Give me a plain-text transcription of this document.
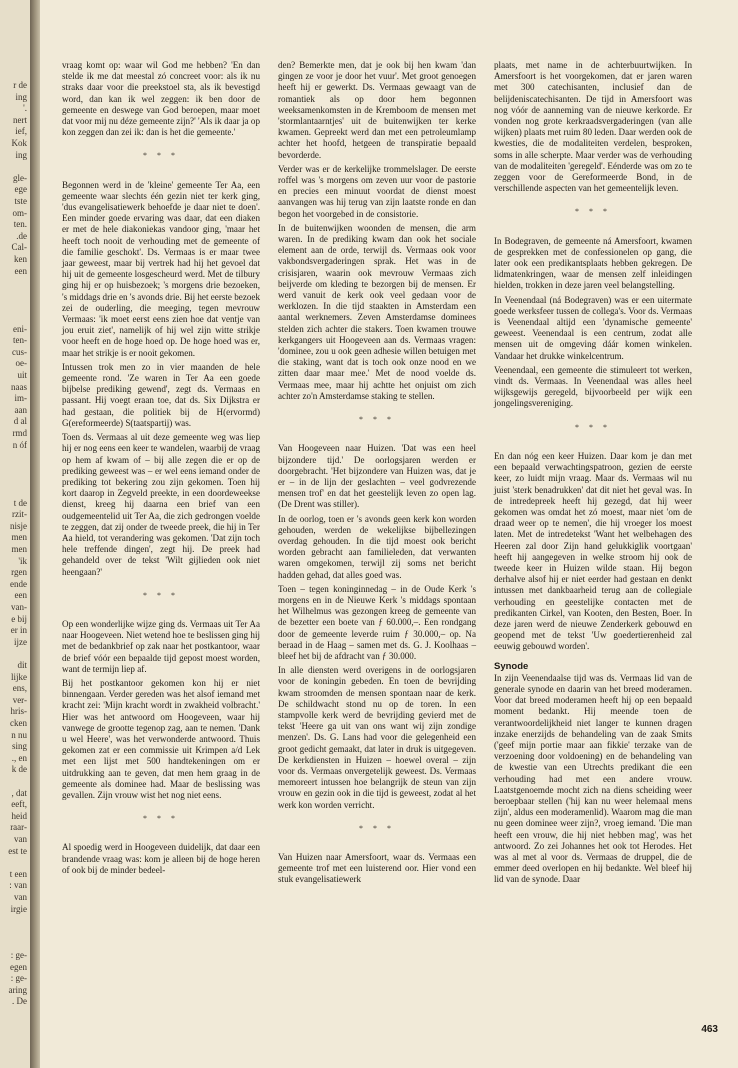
r de
ing
'.
nert
ief,
Kok
ing
gle-
ege
tste
om-
ten.
.de
Cal-
ken
een
eni-
ten-
cus-
oe-
uit
naas
im-
aan
d al
rmd
n óf
t de
rzit-
nisje
men
men
'ik
rgen
ende
een
van-
e bij
er in
ijze
dit
lijke
ens,
ver-
hris-
cken
n nu
sing
., en
k de
, dat
eeft,
heid
raar-
van
est te
t een
: van
van
irgie
: ge-
egen
: ge-
aring
. De

vraag komt op: waar wil God me hebben? 'En dan stelde ik me dat meestal zó concreet voor: als ik nu straks daar voor die preekstoel sta, als ik bevestigd word, dan kan ik wel zeggen: ik ben door de gemeente en deswege van God beroepen, maar moet dat voor mij nu déze gemeente zijn?' 'Als ik daar ja op kon zeggen dan zei ik: dan is het die gemeente.'

* * *

Begonnen werd in de 'kleine' gemeente Ter Aa, een gemeente waar slechts één gezin niet ter kerk ging, 'dus evangelisatiewerk behoefde je daar niet te doen'. Een minder goede ervaring was daar, dat een diaken er met de hele diakoniekas vandoor ging, 'maar het heeft toch nooit de verhouding met de gemeente of die familie geschokt'. Ds. Vermaas is er maar twee jaar geweest, maar bij vertrek had hij het gevoel dat hij uit de gemeente losgescheurd werd. Met de tilbury ging hij er op huisbezoek; 's morgens drie bezoeken, 's middags drie en 's avonds drie. Bij het eerste bezoek zei de ouderling, die meeging, tegen mevrouw Vermaas: 'ik moet eerst eens zien hoe dat ventje van jou eruit ziet', namelijk of hij wel zijn witte strikje voor heeft en de hoge hoed op. De hoge hoed was er, maar het strikje is er nooit gekomen.

Intussen trok men zo in vier maanden de hele gemeente rond. 'Ze waren in Ter Aa een goede bijbelse prediking gewend', zegt ds. Vermaas en passant. Hij voegt eraan toe, dat ds. Six Dijkstra er had gestaan, die politiek bij de H(ervormd) G(ereformeerde) S(taatspartij) was.

Toen ds. Vermaas al uit deze gemeente weg was liep hij er nog eens een keer te wandelen, waarbij de vraag op hem af kwam of – bij alle zegen die er op de prediking geweest was – er wel eens iemand onder de prediking tot bekering zou zijn gekomen. Toen hij kort daarop in Zegveld preekte, in een doordeweekse dienst, kreeg hij daarna een brief van een oudgemeentelid uit Ter Aa, die zich gedrongen voelde te zeggen, dat zij onder de tweede preek, die hij in Ter Aa hield, tot verandering was gekomen. 'Dat zijn toch hele treffende dingen', zegt hij. De preek had gehandeld over de tekst 'Wilt gijlieden ook niet heengaan?'

* * *

Op een wonderlijke wijze ging ds. Vermaas uit Ter Aa naar Hoogeveen. Niet wetend hoe te beslissen ging hij met de bedankbrief op zak naar het postkantoor, waar de brief vóór een bepaalde tijd gepost moest worden, want de termijn liep af.

Bij het postkantoor gekomen kon hij er niet binnengaan. Verder gereden was het alsof iemand met kracht zei: 'Mijn kracht wordt in zwakheid volbracht.' Hier was het antwoord om Hoogeveen, waar hij vanwege de grootte tegenop zag, aan te nemen. 'Dank u wel Heere', was het verwonderde antwoord. Thuis gekomen zat er een commissie uit Krimpen a/d Lek met een lijst met 500 handtekeningen om er uitdrukking aan te geven, dat men hem graag in de gemeente als dominee had. Maar de beslissing was gevallen. Zijn vrouw wist het nog niet eens.

* * *

Al spoedig werd in Hoogeveen duidelijk, dat daar een brandende vraag was: kom je alleen bij de hoge heren of ook bij de minder bedeel-

den? Bemerkte men, dat je ook bij hen kwam 'dan gingen ze voor je door het vuur'. Met groot genoegen heeft hij er gewerkt. Ds. Vermaas gewaagt van de romantiek als op door hem begonnen weeksamenkomsten in de Kremboom de mensen met 'stormlantaarntjes' uit de buitenwijken ter kerke kwamen. Gepreekt werd dan met een petroleumlamp achter het hoofd, hetgeen de transpiratie bepaald bevorderde.

Verder was er de kerkelijke trommelslager. De eerste roffel was 's morgens om zeven uur voor de pastorie en precies een minuut voordat de dienst moest aanvangen was hij terug van zijn laatste ronde en dan begon het voorgebed in de consistorie.

In de buitenwijken woonden de mensen, die arm waren. In de prediking kwam dan ook het sociale element aan de orde, terwijl ds. Vermaas ook voor vakbondsvergaderingen sprak. Het was in de crisisjaren, waarin ook mevrouw Vermaas zich beijverde om kleding te bezorgen bij de mensen. Er werd vanuit de kerk ook veel gedaan voor de werklozen. In die tijd staakten in Amsterdam een aantal werknemers. Zeven Amsterdamse dominees stelden zich achter die stakers. Toen kwamen trouwe kerkgangers uit Hoogeveen aan ds. Vermaas vragen: 'dominee, zou u ook geen adhesie willen betuigen met die staking, want dat is toch ook onze nood en we zitten daar maar mee.' Met de nood voelde ds. Vermaas mee, maar hij achtte het onjuist om zich achter zo'n Amsterdamse staking te stellen.

* * *

Van Hoogeveen naar Huizen. 'Dat was een heel bijzondere tijd.' De oorlogsjaren werden er doorgebracht. 'Het bijzondere van Huizen was, dat je er – in de lijn der geslachten – veel godvrezende mensen trof' en dat het geestelijk leven zo open lag. (De Drent was stiller).

In de oorlog, toen er 's avonds geen kerk kon worden gehouden, werden de wekelijkse bijbellezingen overdag gehouden. In die tijd moest ook bericht worden gebracht aan familieleden, dat verwanten waren omgekomen, terwijl zij soms net bericht hadden gehad, dat alles goed was.

Toen – tegen koninginnedag – in de Oude Kerk 's morgens en in de Nieuwe Kerk 's middags spontaan het Wilhelmus was gezongen kreeg de gemeente van de bezetter een boete van ƒ 60.000,–. Een rondgang door de gemeente leverde ruim ƒ 30.000,– op. Na beraad in de Haag – samen met ds. G. J. Koolhaas – bleef het bij de afdracht van ƒ 30.000.

In alle diensten werd overigens in de oorlogsjaren voor de koningin gebeden. En toen de bevrijding kwam stroomden de mensen spontaan naar de kerk. De schildwacht stond nu op de toren. In een stampvolle kerk werd de bevrijding gevierd met de tekst 'Heere ga uit van ons want wij zijn zondige menzen'. Ds. G. Lans had voor die gelegenheid een groot gedicht gemaakt, dat later in druk is uitgegeven. De kerkdiensten in Huizen – hoewel overal – zijn voor ds. Vermaas onvergetelijk geweest. Ds. Vermaas memoreert intussen hoe belangrijk de steun van zijn vrouw en gezin ook in die tijd is geweest, zodat al het werk kon worden verricht.

* * *

Van Huizen naar Amersfoort, waar ds. Vermaas een gemeente trof met een luisterend oor. Hier vond een stuk evangelisatiewerk

plaats, met name in de achterbuurtwijken. In Amersfoort is het voorgekomen, dat er jaren waren met 300 catechisanten, inclusief dan de belijdeniscatechisanten. De tijd in Amersfoort was nog vóór de aanneming van de nieuwe kerkorde. Er vonden nog grote kerkraadsvergaderingen (van alle wijken) plaats met ruim 80 leden. Daar werden ook de kwesties, die de modaliteiten verdelen, besproken, soms in alle scherpte. Maar verder was de verhouding van de modaliteiten 'geregeld'. Eénderde was om zo te zeggen voor de Gereformeerde Bond, in de verschillende aspecten van het gemeentelijk leven.

* * *

In Bodegraven, de gemeente ná Amersfoort, kwamen de gesprekken met de confessionelen op gang, die later ook een predikantsplaats hebben gekregen. De lidmatenkringen, waar de mensen zelf inleidingen hielden, trokken in deze jaren veel belangstelling.

In Veenendaal (ná Bodegraven) was er een uitermate goede werksfeer tussen de collega's. Voor ds. Vermaas is Veenendaal altijd een 'dynamische gemeente' geweest. Veenendaal is een centrum, zodat alle mensen uit de omgeving dáár komen winkelen. Vandaar het drukke winkelcentrum.

Veenendaal, een gemeente die stimuleert tot werken, vindt ds. Vermaas. In Veenendaal was alles heel wijksgewijs geregeld, bijvoorbeeld per wijk een jongelingsvereniging.

* * *

En dan nóg een keer Huizen. Daar kom je dan met een bepaald verwachtingspatroon, gezien de eerste keer, zo luidt mijn vraag. Maar ds. Vermaas wil nu juist 'sterk benadrukken' dat dit niet het geval was. In de intredepreek heeft hij gezegd, dat hij weer gekomen was omdat het zó moest, maar niet 'om de draad weer op te nemen', die hij vroeger los moest laten. Met de intredetekst 'Want het welbehagen des Heeren zal door Zijn hand gelukkiglik voortgaan' heeft hij aangegeven in welke stroom hij ook de tweede keer in Huizen wilde staan. Hij begon derhalve alsof hij er niet eerder had gestaan en denkt intussen met dankbaarheid terug aan de collegiale verhouding en geestelijke contacten met de predikanten Cirkel, van Kooten, den Besten, Boer. In deze jaren werd de nieuwe Zenderkerk gebouwd en geopend met de tekst 'Uw goedertierenheid zal eeuwig gebouwd worden'.

Synode

In zijn Veenendaalse tijd was ds. Vermaas lid van de generale synode en daarin van het breed moderamen. Voor dat breed moderamen heeft hij op een bepaald moment bedankt. Hij meende toen de verantwoordelijkheid niet langer te kunnen dragen inzake enerzijds de behandeling van de zaak Smits ('geef mijn portie maar aan fikkie' terzake van de verzoening door voldoening) en de behandeling van de kwestie van een Utrechts predikant die een verhouding had met een andere vrouw. Laatstgenoemde mocht zich na diens scheiding weer beroepbaar stellen ('hij kan nu weer helemaal mens zijn', aldus een moderamenlid). Waarom mag die man nu geen dominee weer zijn?, vroeg iemand. 'Die man heeft een vrouw, die hij niet hebben mag', was het antwoord. Zo zei Johannes het ook tot Herodes. Het was al met al voor ds. Vermaas de druppel, die de emmer deed overlopen en hij bedankte. Wel bleef hij lid van de synode. Daar

463
